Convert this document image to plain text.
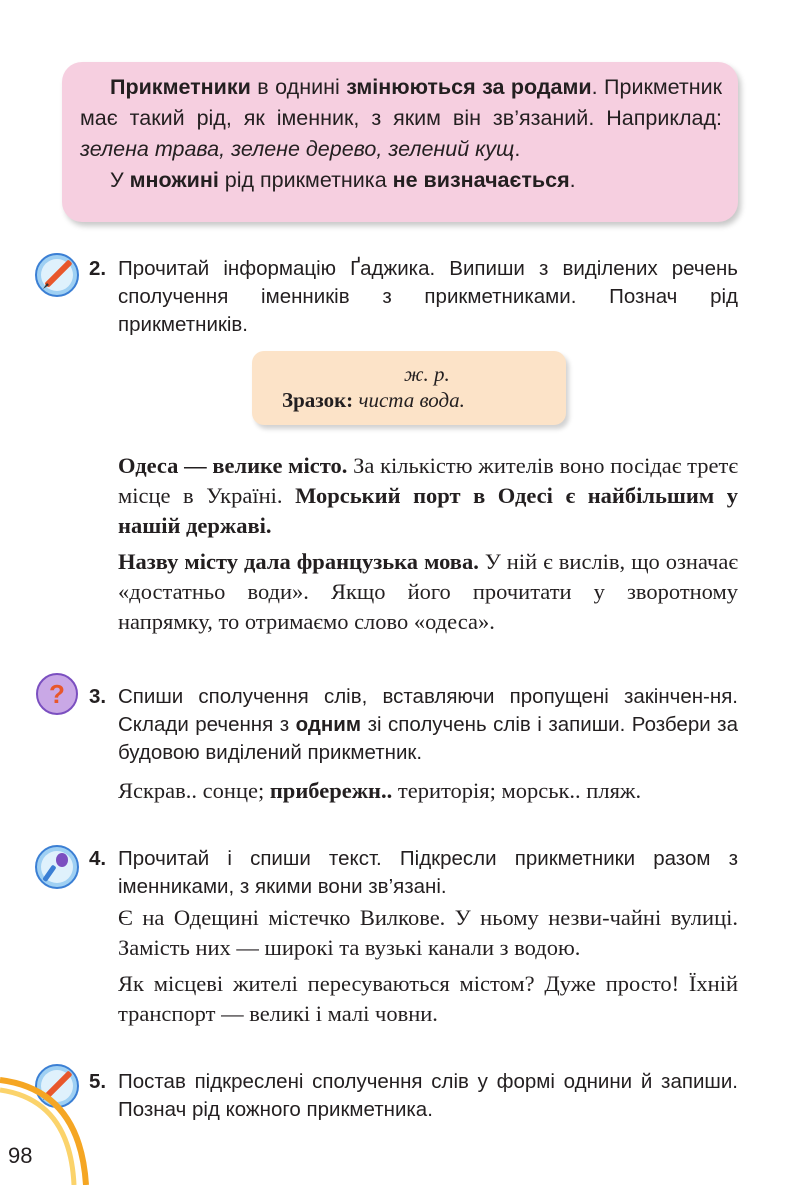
Прикметники в однині змінюються за родами. Прикметник має такий рід, як іменник, з яким він зв’язаний. Наприклад: зелена трава, зелене дерево, зелений кущ.

У множині рід прикметника не визначається.

2. Прочитай інформацію Ґаджика. Випиши з виділених речень сполучення іменників з прикметниками. Познач рід прикметників.

ж. р.
Зразок: чиста вода.

Одеса — велике місто. За кількістю жителів воно посідає третє місце в Україні. Морський порт в Одесі є найбільшим у нашій державі.

Назву місту дала французька мова. У ній є вислів, що означає «достатньо води». Якщо його прочитати у зворотному напрямку, то отримаємо слово «одеса».

? 3. Спиши сполучення слів, вставляючи пропущені закінчен-ня. Склади речення з одним зі сполучень слів і запиши. Розбери за будовою виділений прикметник.

Яскрав.. сонце; прибережн.. територія; морськ.. пляж.

4. Прочитай і спиши текст. Підкресли прикметники разом з іменниками, з якими вони зв’язані.

Є на Одещині містечко Вилкове. У ньому незви-чайні вулиці. Замість них — широкі та вузькі канали з водою.

Як місцеві жителі пересуваються містом? Дуже просто! Їхній транспорт — великі і малі човни.

5. Постав підкреслені сполучення слів у формі однини й запиши. Познач рід кожного прикметника.

98
